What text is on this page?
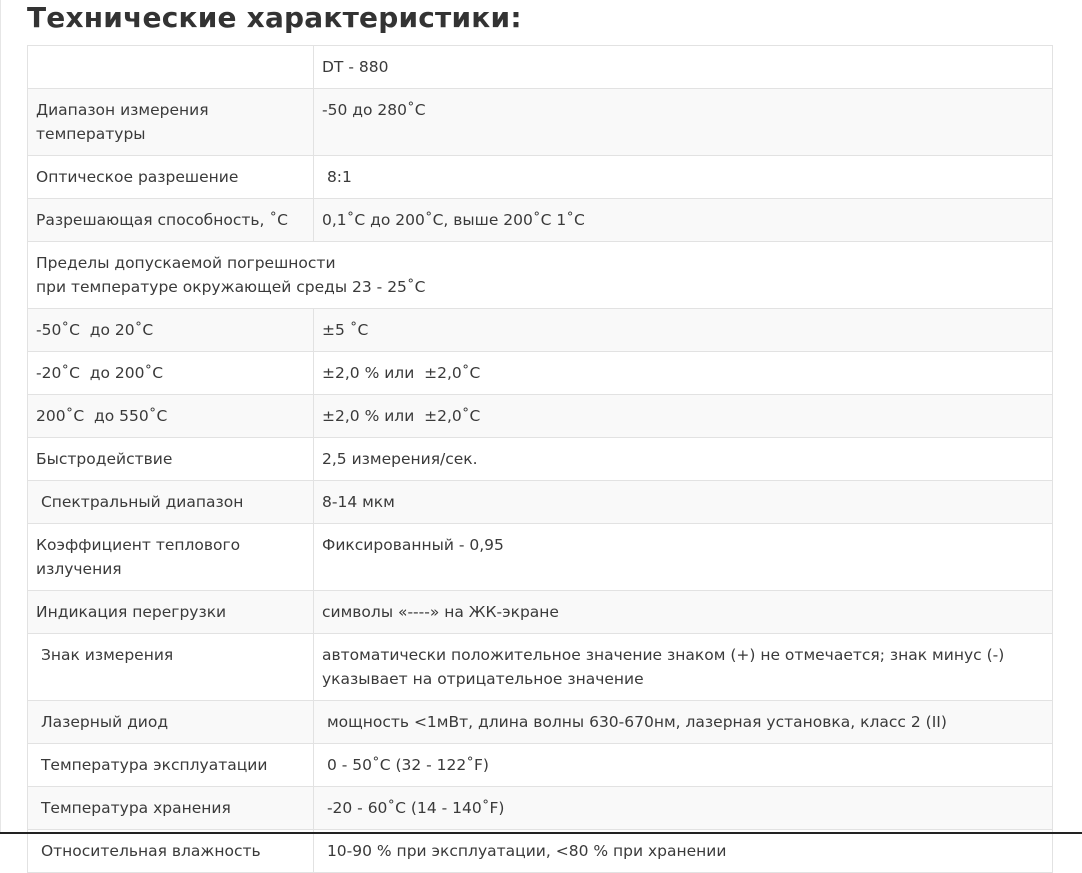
Технические характеристики:
	DT - 880
Диапазон измерения температуры	-50 до 280˚C
Оптическое разрешение	8:1
Разрешающая способность, ˚С	0,1˚C до 200˚C, выше 200˚C 1˚C
Пределы допускаемой погрешности
при температуре окружающей среды 23 - 25˚C	
-50˚C  до 20˚C	±5 ˚C
-20˚C  до 200˚C	±2,0 % или  ±2,0˚C
200˚C  до 550˚C	±2,0 % или  ±2,0˚C
Быстродействие	2,5 измерения/сек.
Спектральный диапазон	8-14 мкм
Коэффициент теплового излучения	Фиксированный - 0,95
Индикация перегрузки	символы «----» на ЖК-экране
Знак измерения	автоматически положительное значение знаком (+) не отмечается; знак минус (-) указывает на отрицательное значение
Лазерный диод	мощность <1мВт, длина волны 630-670нм, лазерная установка, класс 2 (II)
Температура эксплуатации	0 - 50˚C (32 - 122˚F)
Температура хранения	-20 - 60˚C (14 - 140˚F)
Относительная влажность	10-90 % при эксплуатации, <80 % при хранении
